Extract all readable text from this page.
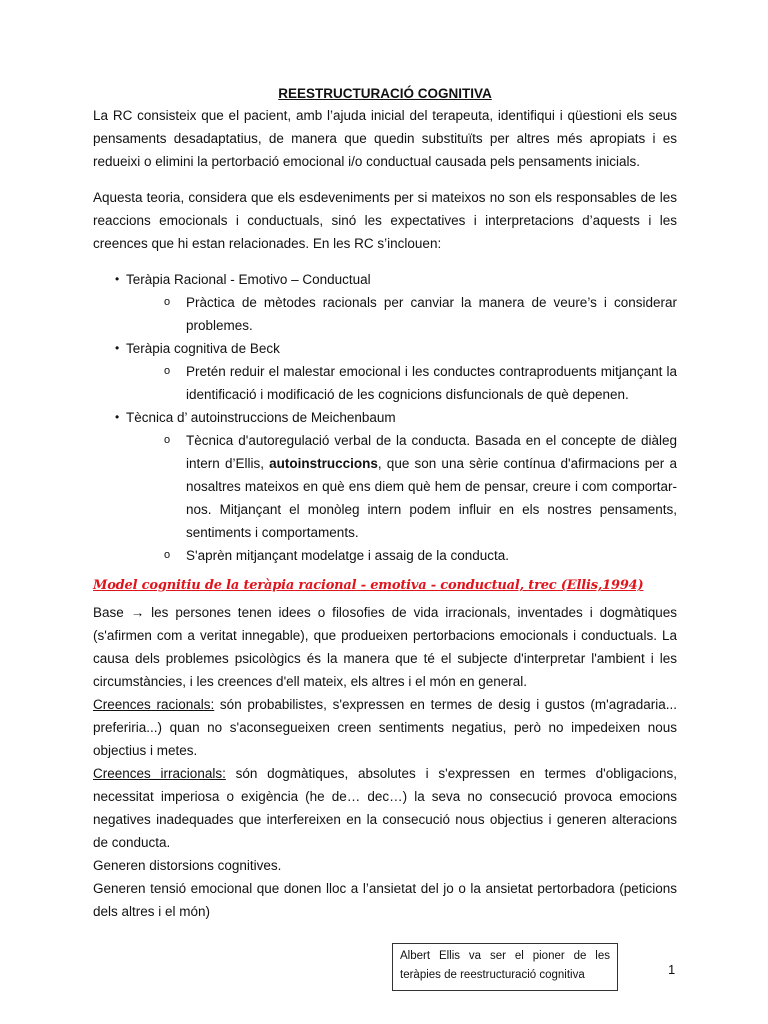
REESTRUCTURACIÓ COGNITIVA

La RC consisteix que el pacient, amb l’ajuda inicial del terapeuta, identifiqui i qüestioni els seus pensaments desadaptatius, de manera que quedin substituïts per altres més apropiats i es redueixi o elimini la pertorbació emocional i/o conductual causada pels pensaments inicials.

Aquesta teoria, considera que els esdeveniments per si mateixos no son els responsables de les reaccions emocionals i conductuals, sinó les expectatives i interpretacions d’aquests i les creences que hi estan relacionades. En les RC s’inclouen:

• Teràpia Racional - Emotivo – Conductual
o Pràctica de mètodes racionals per canviar la manera de veure’s i considerar problemes.
• Teràpia cognitiva de Beck
o Pretén reduir el malestar emocional i les conductes contraproduents mitjançant la identificació i modificació de les cognicions disfuncionals de què depenen.
• Tècnica d’ autoinstruccions de Meichenbaum
o Tècnica d'autoregulació verbal de la conducta. Basada en el concepte de diàleg intern d’Ellis, autoinstruccions, que son una sèrie contínua d'afirmacions per a nosaltres mateixos en què ens diem què hem de pensar, creure i com comportar-nos. Mitjançant el monòleg intern podem influir en els nostres pensaments, sentiments i comportaments.
o S'aprèn mitjançant modelatge i assaig de la conducta.
Model cognitiu de la teràpia racional - emotiva - conductual, trec (Ellis,1994)

Base → les persones tenen idees o filosofies de vida irracionals, inventades i dogmàtiques (s'afirmen com a veritat innegable), que produeixen pertorbacions emocionals i conductuals. La causa dels problemes psicològics és la manera que té el subjecte d'interpretar l'ambient i les circumstàncies, i les creences d'ell mateix, els altres i el món en general.

Creences racionals: són probabilistes, s'expressen en termes de desig i gustos (m'agradaria... preferiria...) quan no s'aconsegueixen creen sentiments negatius, però no impedeixen nous objectius i metes.

Creences irracionals: són dogmàtiques, absolutes i s'expressen en termes d'obligacions, necessitat imperiosa o exigència (he de… dec…) la seva no consecució provoca emocions negatives inadequades que interfereixen en la consecució nous objectius i generen alteracions de conducta.

Generen distorsions cognitives.

Generen tensió emocional que donen lloc a l’ansietat del jo o la ansietat pertorbadora (peticions dels altres i el món)

Albert Ellis va ser el pioner de les teràpies de reestructuració cognitiva	1
